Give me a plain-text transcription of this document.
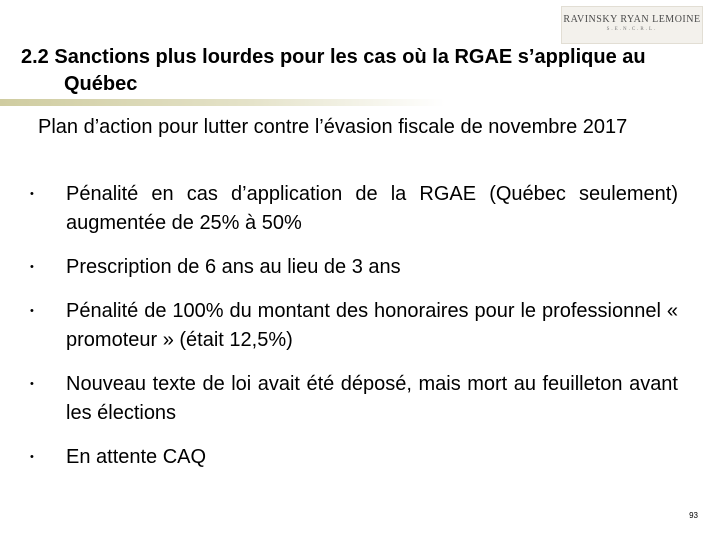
RAVINSKY RYAN LEMOINE
S.E.N.C.R.L.
2.2 Sanctions plus lourdes pour les cas où la RGAE s’applique au Québec

Plan d’action pour lutter contre l’évasion fiscale de novembre 2017

• Pénalité en cas d’application de la RGAE (Québec seulement) augmentée de 25% à 50%
• Prescription de 6 ans au lieu de 3 ans
• Pénalité de 100% du montant des honoraires pour le professionnel « promoteur » (était 12,5%)
• Nouveau texte de loi avait été déposé, mais mort au feuilleton avant les élections
• En attente CAQ
93
